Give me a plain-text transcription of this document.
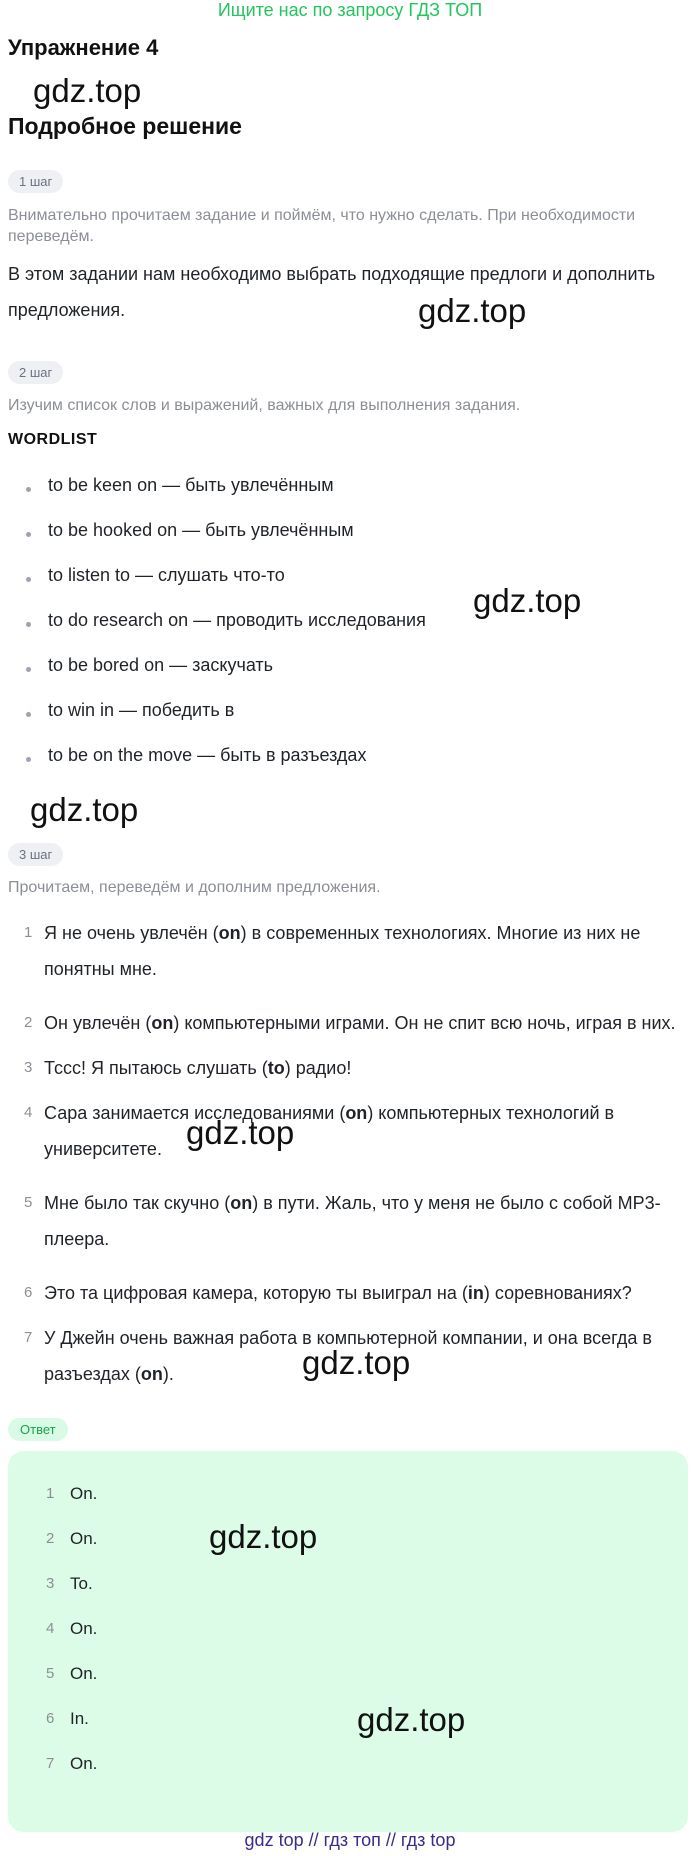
Ищите нас по запросу ГДЗ ТОП
Упражнение 4
gdz.top
Подробное решение
1 шаг
Внимательно прочитаем задание и поймём, что нужно сделать. При необходимости переведём.
В этом задании нам необходимо выбрать подходящие предлоги и дополнить предложения.	gdz.top
2 шаг
Изучим список слов и выражений, важных для выполнения задания.
WORDLIST
to be keen on — быть увлечённым
to be hooked on — быть увлечённым
to listen to — слушать что-то
to do research on — проводить исследования
to be bored on — заскучать
to win in — победить в
to be on the move — быть в разъездах
gdz.top
gdz.top
3 шаг
Прочитаем, переведём и дополним предложения.
1 Я не очень увлечён (on) в современных технологиях. Многие из них не понятны мне.
2 Он увлечён (on) компьютерными играми. Он не спит всю ночь, играя в них.
3 Тссс! Я пытаюсь слушать (to) радио!
4 Сара занимается исследованиями (on) компьютерных технологий в университете.
5 Мне было так скучно (on) в пути. Жаль, что у меня не было с собой MP3-плеера.
6 Это та цифровая камера, которую ты выиграл на (in) соревнованиях?
7 У Джейн очень важная работа в компьютерной компании, и она всегда в разъездах (on).
gdz.top
gdz.top
Ответ
1 On.
2 On.
3 To.
4 On.
5 On.
6 In.
7 On.
gdz.top
gdz.top
gdz top // гдз топ // гдз top
